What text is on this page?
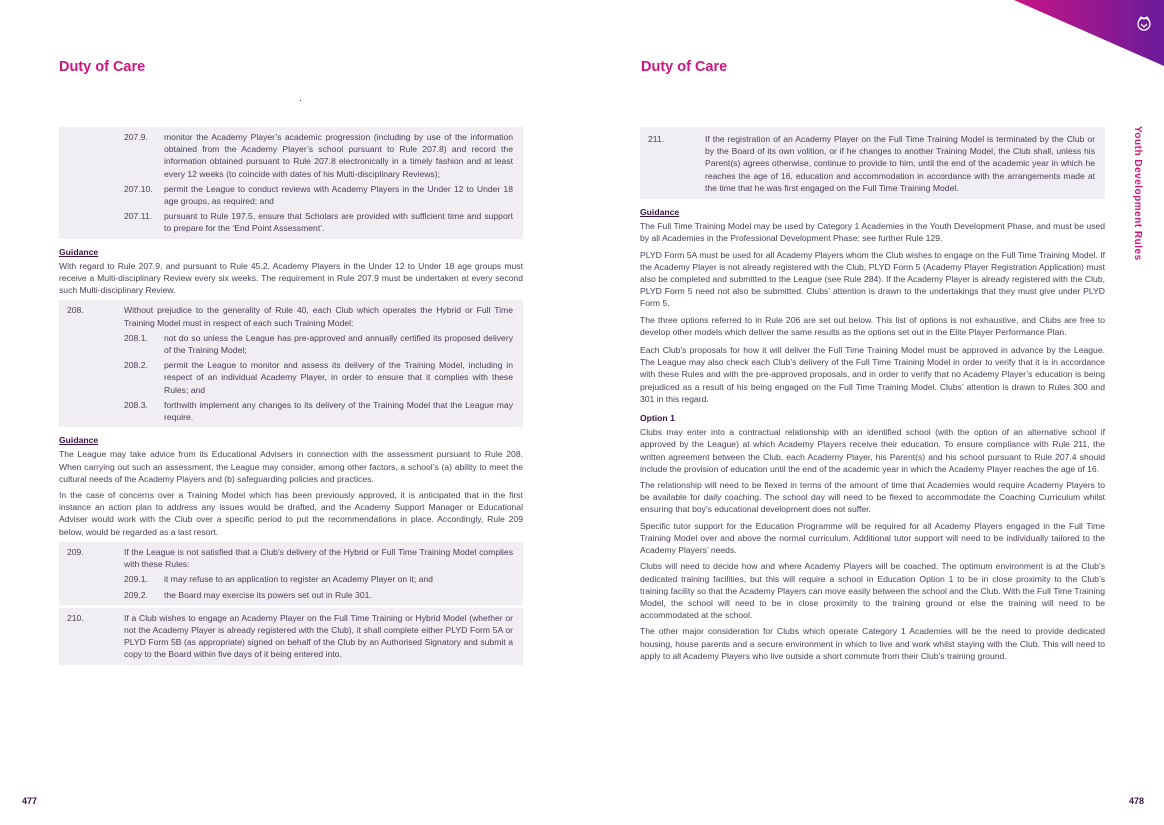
Duty of Care
207.9.	monitor the Academy Player’s academic progression (including by use of the information obtained from the Academy Player’s school pursuant to Rule 207.8) and record the information obtained pursuant to Rule 207.8 electronically in a timely fashion and at least every 12 weeks (to coincide with dates of his Multi-disciplinary Reviews);
207.10.	permit the League to conduct reviews with Academy Players in the Under 12 to Under 18 age groups, as required; and
207.11.	pursuant to Rule 197.5, ensure that Scholars are provided with sufficient time and support to prepare for the ‘End Point Assessment’.
Guidance
With regard to Rule 207.9, and pursuant to Rule 45.2, Academy Players in the Under 12 to Under 18 age groups must receive a Multi-disciplinary Review every six weeks. The requirement in Rule 207.9 must be undertaken at every second such Multi-disciplinary Review.
208.	Without prejudice to the generality of Rule 40, each Club which operates the Hybrid or Full Time Training Model must in respect of each such Training Model:
208.1.	not do so unless the League has pre-approved and annually certified its proposed delivery of the Training Model;
208.2.	permit the League to monitor and assess its delivery of the Training Model, including in respect of an individual Academy Player, in order to ensure that it complies with these Rules; and
208.3.	forthwith implement any changes to its delivery of the Training Model that the League may require.
Guidance
The League may take advice from its Educational Advisers in connection with the assessment pursuant to Rule 208. When carrying out such an assessment, the League may consider, among other factors, a school’s (a) ability to meet the cultural needs of the Academy Players and (b) safeguarding policies and practices.
In the case of concerns over a Training Model which has been previously approved, it is anticipated that in the first instance an action plan to address any issues would be drafted, and the Academy Support Manager or Educational Adviser would work with the Club over a specific period to put the recommendations in place. Accordingly, Rule 209 below, would be regarded as a last resort.
209.	If the League is not satisfied that a Club’s delivery of the Hybrid or Full Time Training Model complies with these Rules:
209.1.	it may refuse to an application to register an Academy Player on it; and
209.2.	the Board may exercise its powers set out in Rule 301.
210.	If a Club wishes to engage an Academy Player on the Full Time Training or Hybrid Model (whether or not the Academy Player is already registered with the Club), it shall complete either PLYD Form 5A or PLYD Form 5B (as appropriate) signed on behalf of the Club by an Authorised Signatory and submit a copy to the Board within five days of it being entered into.
477
Duty of Care
211.	If the registration of an Academy Player on the Full Time Training Model is terminated by the Club or by the Board of its own volition, or if he changes to another Training Model, the Club shall, unless his Parent(s) agrees otherwise, continue to provide to him, until the end of the academic year in which he reaches the age of 16, education and accommodation in accordance with the arrangements made at the time that he was first engaged on the Full Time Training Model.
Guidance
The Full Time Training Model may be used by Category 1 Academies in the Youth Development Phase, and must be used by all Academies in the Professional Development Phase: see further Rule 129.
PLYD Form 5A must be used for all Academy Players whom the Club wishes to engage on the Full Time Training Model. If the Academy Player is not already registered with the Club, PLYD Form 5 (Academy Player Registration Application) must also be completed and submitted to the League (see Rule 284). If the Academy Player is already registered with the Club, PLYD Form 5 need not also be submitted. Clubs’ attention is drawn to the undertakings that they must give under PLYD Form 5.
The three options referred to in Rule 206 are set out below. This list of options is not exhaustive, and Clubs are free to develop other models which deliver the same results as the options set out in the Elite Player Performance Plan.
Each Club’s proposals for how it will deliver the Full Time Training Model must be approved in advance by the League. The League may also check each Club’s delivery of the Full Time Training Model in order to verify that it is in accordance with these Rules and with the pre-approved proposals, and in order to verify that no Academy Player’s education is being prejudiced as a result of his being engaged on the Full Time Training Model. Clubs’ attention is drawn to Rules 300 and 301 in this regard.
Option 1
Clubs may enter into a contractual relationship with an identified school (with the option of an alternative school if approved by the League) at which Academy Players receive their education. To ensure compliance with Rule 211, the written agreement between the Club, each Academy Player, his Parent(s) and his school pursuant to Rule 207.4 should include the provision of education until the end of the academic year in which the Academy Player reaches the age of 16.
The relationship will need to be flexed in terms of the amount of time that Academies would require Academy Players to be available for daily coaching. The school day will need to be flexed to accommodate the Coaching Curriculum whilst ensuring that boy’s educational development does not suffer.
Specific tutor support for the Education Programme will be required for all Academy Players engaged in the Full Time Training Model over and above the normal curriculum. Additional tutor support will need to be individually tailored to the Academy Players’ needs.
Clubs will need to decide how and where Academy Players will be coached. The optimum environment is at the Club’s dedicated training facilities, but this will require a school in Education Option 1 to be in close proximity to the Club’s training facility so that the Academy Players can move easily between the school and the Club. With the Full Time Training Model, the school will need to be in close proximity to the training ground or else the training will need to be accommodated at the school.
The other major consideration for Clubs which operate Category 1 Academies will be the need to provide dedicated housing, house parents and a secure environment in which to live and work whilst staying with the Club. This will need to apply to all Academy Players who live outside a short commute from their Club’s training ground.
478
Youth Development Rules
